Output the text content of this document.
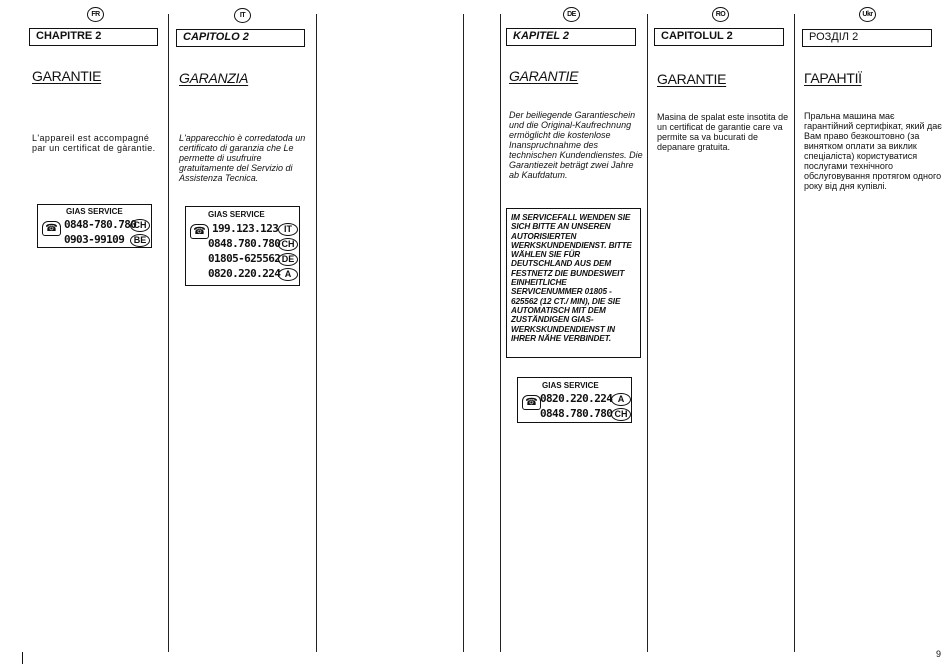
FR
CHAPITRE 2
GARANTIE
L'appareil est accompagné par un certificat de gàrantie.
GIAS SERVICE
☎ 0848-780.780
CH
0903-99109	BE
IT
CAPITOLO 2
GARANZIA
L'apparecchio è corredatoda un certificato di garanzia che Le permette di usufruire gratuitamente del Servizio di Assistenza Tecnica.
GIAS SERVICE
☎ 199.123.123 IT
0848.780.780 CH
01805-625562 DE
0820.220.224 A
DE
KAPITEL 2
GARANTIE
Der beiliegende Garantieschein und die Original-Kaufrechnung ermöglicht die kostenlose Inanspruchnahme des technischen Kundendienstes. Die Garantiezeit beträgt zwei Jahre ab Kaufdatum.
IM SERVICEFALL WENDEN SIE SICH BITTE AN UNSEREN AUTORISIERTEN WERKSKUNDENDIENST. BITTE WÄHLEN SIE FÜR DEUTSCHLAND AUS DEM FESTNETZ DIE BUNDESWEIT EINHEITLICHE SERVICENUMMER 01805 - 625562 (12 CT./ MIN), DIE SIE AUTOMATISCH MIT DEM ZUSTÄNDIGEN GIAS-WERKSKUNDENDIENST IN IHRER NÄHE VERBINDET.
GIAS SERVICE
☎ 0820.220.224 A
0848.780.780 CH
RO
CAPITOLUL 2
GARANTIE
Masina de spalat este insotita de un certificat de garantie care va permite sa va bucurati de depanare gratuita.
Ukr
РОЗДІЛ 2
ГАРАНТІЇ
Пральна машина має гарантійний сертифікат, який дає Вам право безкоштовно (за винятком оплати за виклик спеціаліста) користуватися послугами технічного обслуговування протягом одного року від дня купівлі.
9
